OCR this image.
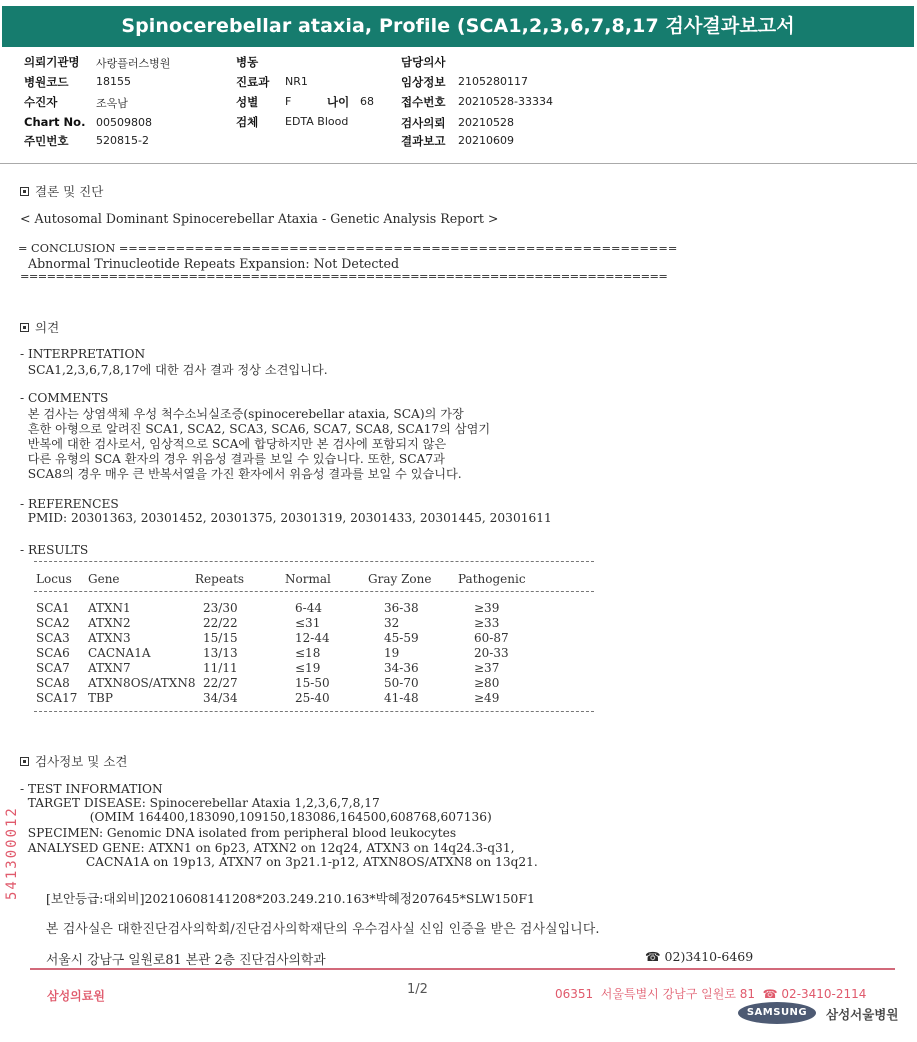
Spinocerebellar ataxia, Profile (SCA1,2,3,6,7,8,17 검사결과보고서
의뢰기관명 사랑플러스병원
병원코드	18155
수진자	조옥남
Chart No. 00509808
주민번호	520815-2
병동
진료과 NR1
성별 F	나이 68
검체 EDTA Blood
담당의사
임상정보 2105280117
접수번호 20210528-33334
검사의뢰 20210528
결과보고 20210609
결론 및 진단
< Autosomal Dominant Spinocerebellar Ataxia - Genetic Analysis Report >
= CONCLUSION ===========================================================
Abnormal Trinucleotide Repeats Expansion: Not Detected
=========================================================================
의견
- INTERPRETATION
SCA1,2,3,6,7,8,17에 대한 검사 결과 정상 소견입니다.
- COMMENTS
본 검사는 상염색체 우성 척수소뇌실조증(spinocerebellar ataxia, SCA)의 가장
흔한 아형으로 알려진 SCA1, SCA2, SCA3, SCA6, SCA7, SCA8, SCA17의 삼염기
반복에 대한 검사로서, 임상적으로 SCA에 합당하지만 본 검사에 포함되지 않은
다른 유형의 SCA 환자의 경우 위음성 결과를 보일 수 있습니다. 또한, SCA7과
SCA8의 경우 매우 큰 반복서열을 가진 환자에서 위음성 결과를 보일 수 있습니다.
- REFERENCES
PMID: 20301363, 20301452, 20301375, 20301319, 20301433, 20301445, 20301611
- RESULTS
Locus Gene	Repeats	Normal	Gray Zone Pathogenic
SCA1 ATXN1	23/30	6-44	36-38	≥39
SCA2 ATXN2	22/22	≤31	32	≥33
SCA3 ATXN3	15/15	12-44	45-59	60-87
SCA6 CACNA1A	13/13	≤18	19	20-33
SCA7 ATXN7	11/11	≤19	34-36	≥37
SCA8 ATXN8OS/ATXN8 22/27	15-50	50-70	≥80
SCA17 TBP	34/34	25-40	41-48	≥49
검사정보 및 소견
- TEST INFORMATION
TARGET DISEASE: Spinocerebellar Ataxia 1,2,3,6,7,8,17
(OMIM 164400,183090,109150,183086,164500,608768,607136)
SPECIMEN: Genomic DNA isolated from peripheral blood leukocytes
ANALYSED GENE: ATXN1 on 6p23, ATXN2 on 12q24, ATXN3 on 14q24.3-q31,
CACNA1A on 19p13, ATXN7 on 3p21.1-p12, ATXN8OS/ATXN8 on 13q21.
541300012	[보안등급:대외비]20210608141208*203.249.210.163*박혜정207645*SLW150F1
본 검사실은 대한진단검사의학회/진단검사의학재단의 우수검사실 신임 인증을 받은 검사실입니다.
서울시 강남구 일원로81 본관 2층 진단검사의학과	☎ 02)3410-6469
삼성의료원	1/2	06351  서울특별시 강남구 일원로 81  ☎ 02-3410-2114
SAMSUNG	삼성서울병원
